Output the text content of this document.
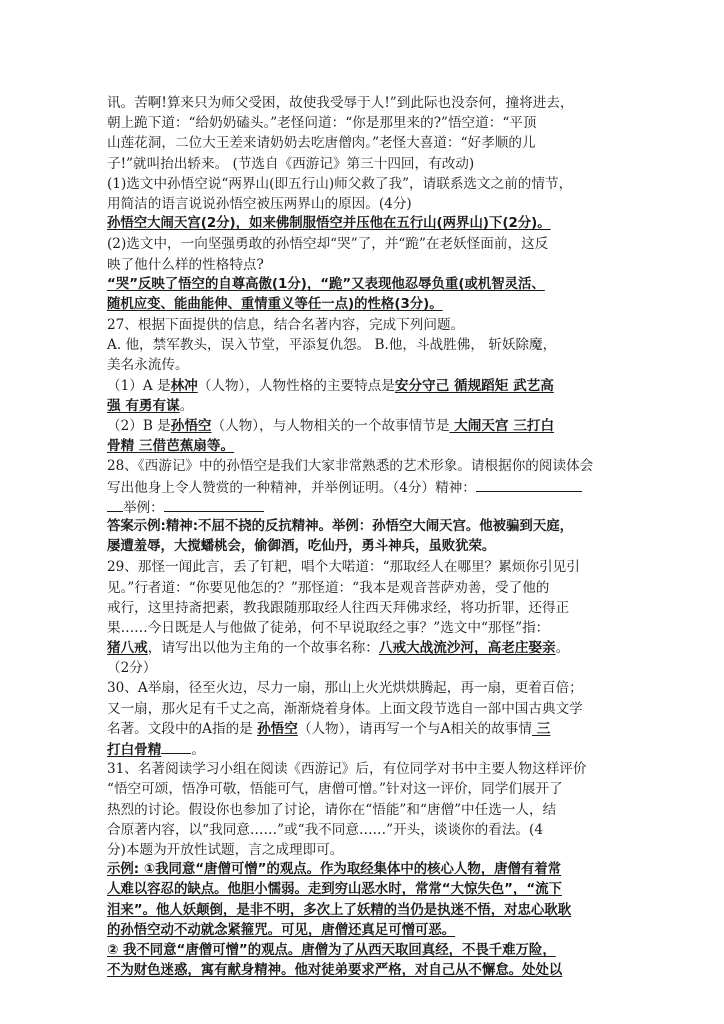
讯。苦啊!算来只为师父受困，故使我受辱于人!”到此际也没奈何，撞将进去，
朝上跪下道：“给奶奶磕头。”老怪问道：“你是那里来的?”悟空道：“平顶
山莲花洞，二位大王差来请奶奶去吃唐僧肉。”老怪大喜道：“好孝顺的儿
子!”就叫抬出轿来。 (节选自《西游记》第三十四回，有改动)
(1)选文中孙悟空说“两界山(即五行山)师父救了我”，请联系选文之前的情节，
用简洁的语言说说孙悟空被压两界山的原因。(4分)
孙悟空大闹天宫(2分)，如来佛制服悟空并压他在五行山(两界山)下(2分)。
(2)选文中，一向坚强勇敢的孙悟空却“哭”了，并“跪”在老妖怪面前，这反
映了他什么样的性格特点?
“哭”反映了悟空的自尊高傲(1分)，“跪”又表现他忍辱负重(或机智灵活、
随机应变、能曲能伸、重情重义等任一点)的性格(3分)。
27、根据下面提供的信息，结合名著内容，完成下列问题。
A. 他，禁军教头，误入节堂，平添复仇怨。 B.他，斗战胜佛， 斩妖除魔，
美名永流传。
（1）A 是林冲（人物），人物性格的主要特点是安分守己 循规蹈矩 武艺高
强 有勇有谋。
（2）B 是孙悟空（人物），与人物相关的一个故事情节是 大闹天宫 三打白
骨精 三借芭蕉扇等。
28、《西游记》中的孙悟空是我们大家非常熟悉的艺术形象。请根据你的阅读体会
写出他身上令人赞赏的一种精神，并举例证明。（4分）精神：
举例：
答案示例:精神:不屈不挠的反抗精神。举例：孙悟空大闹天宫。他被骗到天庭，
屡遭羞辱，大搅蟠桃会，偷御酒，吃仙丹，勇斗神兵，虽败犹荣。
29、那怪一闻此言，丢了钉耙，唱个大喏道：“那取经人在哪里？累烦你引见引
见。”行者道：“你要见他怎的？”那怪道：“我本是观音菩萨劝善，受了他的
戒行，这里持斋把素，教我跟随那取经人往西天拜佛求经，将功折罪，还得正
果……今日既是人与他做了徒弟，何不早说取经之事？”选文中“那怪”指：
猪八戒，请写出以他为主角的一个故事名称：八戒大战流沙河，高老庄娶亲。
（2分）
30、A举扇，径至火边，尽力一扇，那山上火光烘烘腾起，再一扇，更着百倍；
又一扇，那火足有千丈之高，渐渐烧着身体。上面文段节选自一部中国古典文学
名著。文段中的A指的是 孙悟空（人物），请再写一个与A相关的故事情 三
打白骨精 。
31、名著阅读学习小组在阅读《西游记》后，有位同学对书中主要人物这样评价
“悟空可颂，悟净可敬，悟能可气，唐僧可憎。”针对这一评价，同学们展开了
热烈的讨论。假设你也参加了讨论，请你在“悟能”和“唐僧”中任选一人，结
合原著内容，以“我同意……”或“我不同意……”开头，谈谈你的看法。(4
分)本题为开放性试题，言之成理即可。
示例: ①我同意“唐僧可憎”的观点。作为取经集体中的核心人物，唐僧有着常
人难以容忍的缺点。他胆小懦弱。走到穷山恶水时，常常“大惊失色”，“流下
泪来”。他人妖颠倒，是非不明，多次上了妖精的当仍是执迷不悟，对忠心耿耿
的孙悟空动不动就念紧箍咒。可见，唐僧还真足可憎可恶。
② 我不同意“唐僧可憎”的观点。唐僧为了从西天取回真经，不畏千难万险，
不为财色迷惑，寓有献身精神。他对徒弟要求严格，对自己从不懈怠。处处以
